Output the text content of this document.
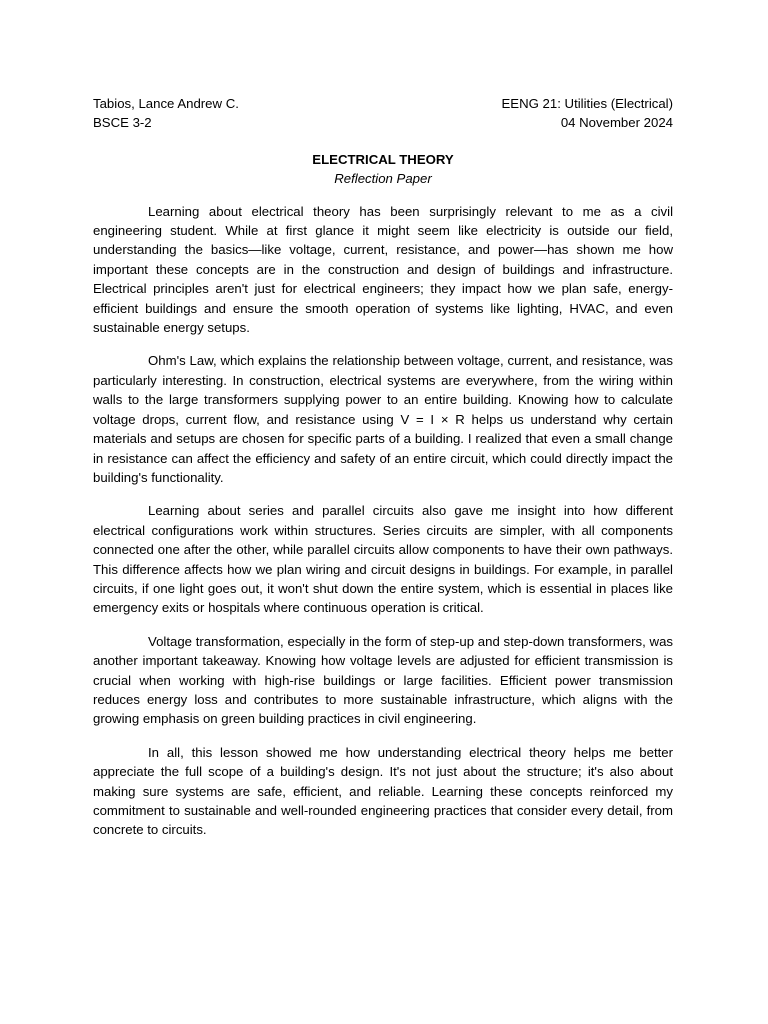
Tabios, Lance Andrew C.	EENG 21: Utilities (Electrical)
BSCE 3-2	04 November 2024
ELECTRICAL THEORY
Reflection Paper

Learning about electrical theory has been surprisingly relevant to me as a civil engineering student. While at first glance it might seem like electricity is outside our field, understanding the basics—like voltage, current, resistance, and power—has shown me how important these concepts are in the construction and design of buildings and infrastructure. Electrical principles aren't just for electrical engineers; they impact how we plan safe, energy-efficient buildings and ensure the smooth operation of systems like lighting, HVAC, and even sustainable energy setups.

Ohm's Law, which explains the relationship between voltage, current, and resistance, was particularly interesting. In construction, electrical systems are everywhere, from the wiring within walls to the large transformers supplying power to an entire building. Knowing how to calculate voltage drops, current flow, and resistance using V = I × R helps us understand why certain materials and setups are chosen for specific parts of a building. I realized that even a small change in resistance can affect the efficiency and safety of an entire circuit, which could directly impact the building's functionality.

Learning about series and parallel circuits also gave me insight into how different electrical configurations work within structures. Series circuits are simpler, with all components connected one after the other, while parallel circuits allow components to have their own pathways. This difference affects how we plan wiring and circuit designs in buildings. For example, in parallel circuits, if one light goes out, it won't shut down the entire system, which is essential in places like emergency exits or hospitals where continuous operation is critical.

Voltage transformation, especially in the form of step-up and step-down transformers, was another important takeaway. Knowing how voltage levels are adjusted for efficient transmission is crucial when working with high-rise buildings or large facilities. Efficient power transmission reduces energy loss and contributes to more sustainable infrastructure, which aligns with the growing emphasis on green building practices in civil engineering.

In all, this lesson showed me how understanding electrical theory helps me better appreciate the full scope of a building's design. It's not just about the structure; it's also about making sure systems are safe, efficient, and reliable. Learning these concepts reinforced my commitment to sustainable and well-rounded engineering practices that consider every detail, from concrete to circuits.
